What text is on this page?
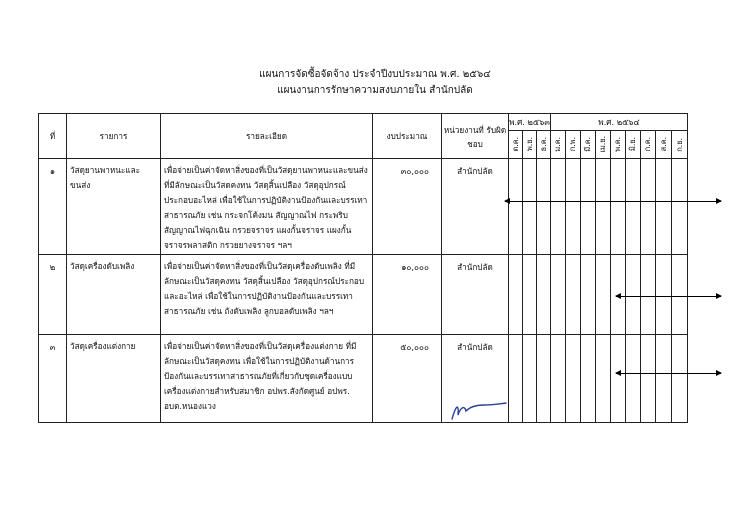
แผนการจัดซื้อจัดจ้าง ประจำปีงบประมาณ พ.ศ. ๒๕๖๔
แผนงานการรักษาความสงบภายใน สำนักปลัด
ที่	รายการ	รายละเอียด	งบประมาณ	หน่วยงานที่ รับผิดชอบ	พ.ศ. ๒๕๖๓			พ.ศ. ๒๕๖๔								

					ต.ค.	พ.ย.	ธ.ค.	ม.ค.	ก.พ.	มี.ค.	เม.ย.	พ.ค.	มิ.ย.	ก.ค.	ส.ค.	ก.ย.

๑	วัสดุยานพาหนะและขนส่ง	เพื่อจ่ายเป็นค่าจัดหาสิ่งของที่เป็นวัสดุยานพาหนะและขนส่งที่มีลักษณะเป็นวัสดคงทน วัสดุสิ้นเปลือง วัสดุอุปกรณ์ประกอบอะไหล่ เพื่อใช้ในการปฏิบัติงานป้องกันและบรรเทาสาธารณภัย เช่น กระจกโค้งมน สัญญาณไฟ กระพริบ สัญญาณไฟฉุกเฉิน กรวยจราจร แผงกั้นจราจร แผงกั้นจราจรพลาสติก กรวยยางจราจร ฯลฯ	๓๐,๐๐๐	สำนักปลัด												
๒	วัสดุเครื่องดับเพลิง	เพื่อจ่ายเป็นค่าจัดหาสิ่งของที่เป็นวัสดุเครื่องดับเพลิง ที่มีลักษณะเป็นวัสดุคงทน วัสดุสิ้นเปลือง วัสดุอุปกรณ์ประกอบและอะไหล่ เพื่อใช้ในการปฏิบัติงานป้องกันและบรรเทาสาธารณภัย เช่น ถังดับเพลิง ลูกบอลดับเพลิง ฯลฯ	๑๐,๐๐๐	สำนักปลัด												
๓	วัสดุเครื่องแต่งกาย	เพื่อจ่ายเป็นค่าจัดหาสิ่งของที่เป็นวัสดุเครื่องแต่งกาย ที่มีลักษณะเป็นวัสดุคงทน เพื่อใช้ในการปฏิบัติงานด้านการป้องกันและบรรเทาสาธารณภัยที่เกี่ยวกับชุดเครื่องแบบ เครื่องแต่งกายสำหรับสมาชิก อปพร.สังกัดศูนย์ อปพร. อบต.หนองแวง	๕๐,๐๐๐	สำนักปลัด												
